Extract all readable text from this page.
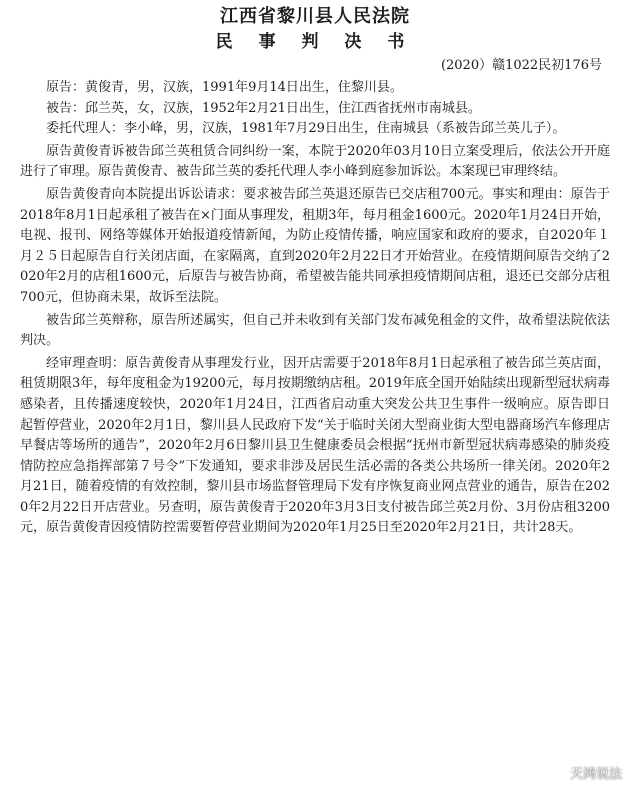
江西省黎川县人民法院
民 事 判 决 书
(2020）赣1022民初176号

原告：黄俊青，男，汉族，1991年9月14日出生，住黎川县。

被告：邱兰英，女，汉族，1952年2月21日出生，住江西省抚州市南城县。

委托代理人：李小峰，男，汉族，1981年7月29日出生，住南城县（系被告邱兰英儿子）。

原告黄俊青诉被告邱兰英租赁合同纠纷一案，本院于2020年03月10日立案受理后，依法公开开庭进行了审理。原告黄俊青、被告邱兰英的委托代理人李小峰到庭参加诉讼。本案现已审理终结。

原告黄俊青向本院提出诉讼请求：要求被告邱兰英退还原告已交店租700元。事实和理由：原告于2018年8月1日起承租了被告在×门面从事理发，租期3年，每月租金1600元。2020年1月24日开始，电视、报刊、网络等媒体开始报道疫情新闻，为防止疫情传播，响应国家和政府的要求，自2020年１月２５日起原告自行关闭店面，在家隔离，直到2020年2月22日才开始营业。在疫情期间原告交纳了2020年2月的店租1600元，后原告与被告协商，希望被告能共同承担疫情期间店租，退还已交部分店租700元，但协商未果，故诉至法院。

被告邱兰英辩称，原告所述属实，但自己并未收到有关部门发布减免租金的文件，故希望法院依法判决。

经审理查明：原告黄俊青从事理发行业，因开店需要于2018年8月1日起承租了被告邱兰英店面，租赁期限3年，每年度租金为19200元，每月按期缴纳店租。2019年底全国开始陆续出现新型冠状病毒感染者，且传播速度较快，2020年1月24日，江西省启动重大突发公共卫生事件一级响应。原告即日起暂停营业，2020年2月1日，黎川县人民政府下发“关于临时关闭大型商业街大型电器商场汽车修理店早餐店等场所的通告”，2020年2月6日黎川县卫生健康委员会根据“抚州市新型冠状病毒感染的肺炎疫情防控应急指挥部第７号令”下发通知，要求非涉及居民生活必需的各类公共场所一律关闭。2020年2月21日，随着疫情的有效控制，黎川县市场监督管理局下发有序恢复商业网点营业的通告，原告在2020年2月22日开店营业。另查明，原告黄俊青于2020年3月3日支付被告邱兰英2月份、3月份店租3200元，原告黄俊青因疫情防控需要暂停营业期间为2020年1月25日至2020年2月21日，共计28天。

天鸿说法
